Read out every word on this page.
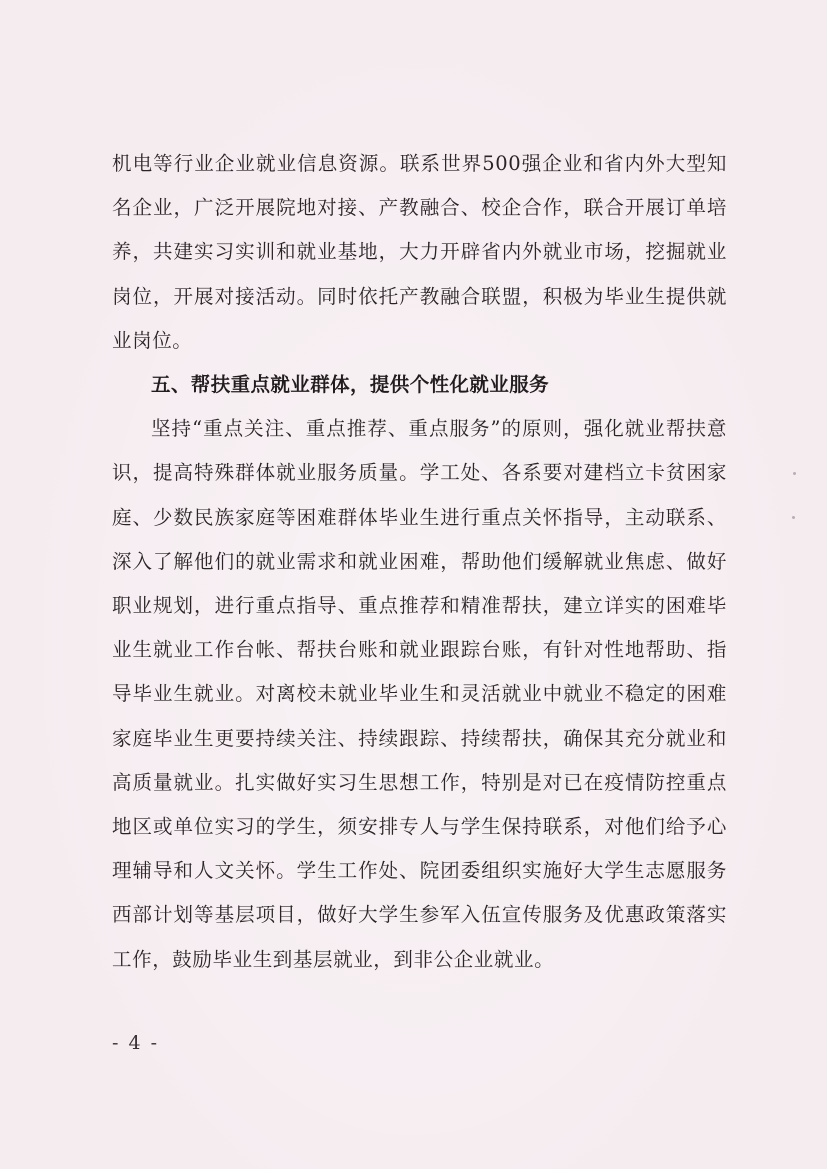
机电等行业企业就业信息资源。联系世界500强企业和省内外大型知名企业，广泛开展院地对接、产教融合、校企合作，联合开展订单培养，共建实习实训和就业基地，大力开辟省内外就业市场，挖掘就业岗位，开展对接活动。同时依托产教融合联盟，积极为毕业生提供就业岗位。

五、帮扶重点就业群体，提供个性化就业服务

坚持“重点关注、重点推荐、重点服务”的原则，强化就业帮扶意识，提高特殊群体就业服务质量。学工处、各系要对建档立卡贫困家庭、少数民族家庭等困难群体毕业生进行重点关怀指导，主动联系、深入了解他们的就业需求和就业困难，帮助他们缓解就业焦虑、做好职业规划，进行重点指导、重点推荐和精准帮扶，建立详实的困难毕业生就业工作台帐、帮扶台账和就业跟踪台账，有针对性地帮助、指导毕业生就业。对离校未就业毕业生和灵活就业中就业不稳定的困难家庭毕业生更要持续关注、持续跟踪、持续帮扶，确保其充分就业和高质量就业。扎实做好实习生思想工作，特别是对已在疫情防控重点地区或单位实习的学生，须安排专人与学生保持联系，对他们给予心理辅导和人文关怀。学生工作处、院团委组织实施好大学生志愿服务西部计划等基层项目，做好大学生参军入伍宣传服务及优惠政策落实工作，鼓励毕业生到基层就业，到非公企业就业。

- 4 -
